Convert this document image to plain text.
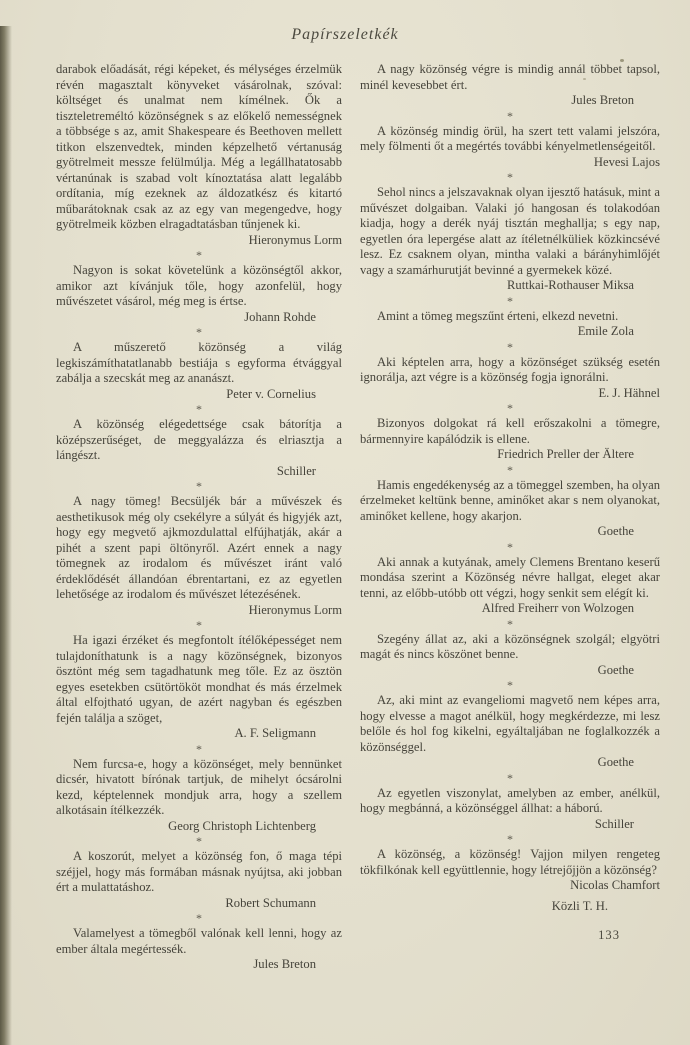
Papírszeletkék

darabok előadását, régi képeket, és mélységes érzelmük révén magasztalt könyveket vásárolnak, szóval: költséget és unalmat nem kímélnek. Ők a tiszteletreméltó közönségnek s az előkelő nemességnek a többsége s az, amit Shakespeare és Beethoven mellett titkon elszenvedtek, minden képzelhető vértanuság gyötrelmeit messze felülmúlja. Még a legállhatatosabb vértanúnak is szabad volt kínoztatása alatt legalább ordítania, míg ezeknek az áldozatkész és kitartó műbarátoknak csak az az egy van megengedve, hogy gyötrelmeik közben elragadtatásban tűnjenek ki.
Hieronymus Lorm

*

Nagyon is sokat követelünk a közönségtől akkor, amikor azt kívánjuk tőle, hogy azonfelül, hogy művészetet vásárol, még meg is értse.
Johann Rohde

*

A műszerető közönség a világ legkiszámíthatatlanabb bestiája s egyforma étvággyal zabálja a szecskát meg az ananászt.
Peter v. Cornelius

*

A közönség elégedettsége csak bátorítja a középszerűséget, de meggyalázza és elriasztja a lángészt.
Schiller

*

A nagy tömeg! Becsüljék bár a művészek és aesthetikusok még oly csekélyre a súlyát és higyjék azt, hogy egy megvető ajkmozdulattal elfújhatják, akár a pihét a szent papi öltönyről. Azért ennek a nagy tömegnek az irodalom és művészet iránt való érdeklődését állandóan ébrentartani, ez az egyetlen lehetősége az irodalom és művészet létezésének.
Hieronymus Lorm

*

Ha igazi érzéket és megfontolt ítélőképességet nem tulajdoníthatunk is a nagy közönségnek, bizonyos ösztönt még sem tagadhatunk meg tőle. Ez az ösztön egyes esetekben csütörtököt mondhat és más érzelmek által elfojtható ugyan, de azért nagyban és egészben fején találja a szöget,
A. F. Seligmann

*

Nem furcsa-e, hogy a közönséget, mely bennünket dicsér, hivatott bírónak tartjuk, de mihelyt ócsárolni kezd, képtelennek mondjuk arra, hogy a szellem alkotásain ítélkezzék.
Georg Christoph Lichtenberg

*

A koszorút, melyet a közönség fon, ő maga tépi széjjel, hogy más formában másnak nyújtsa, aki jobban ért a mulattatáshoz.
Robert Schumann

*

Valamelyest a tömegből valónak kell lenni, hogy az ember általa megértessék.
Jules Breton

A nagy közönség végre is mindig annál többet tapsol, minél kevesebbet ért.
Jules Breton

*

A közönség mindig örül, ha szert tett valami jelszóra, mely fölmenti őt a megértés további kényelmetlenségeitől.
Hevesi Lajos

*

Sehol nincs a jelszavaknak olyan ijesztő hatásuk, mint a művészet dolgaiban. Valaki jó hangosan és tolakodóan kiadja, hogy a derék nyáj tisztán meghallja; s egy nap, egyetlen óra lepergése alatt az ítéletnélküliek közkincsévé lesz. Ez csaknem olyan, mintha valaki a bárányhimlőjét vagy a szamárhurutját bevinné a gyermekek közé.
Ruttkai-Rothauser Miksa

*

Amint a tömeg megszűnt érteni, elkezd nevetni.
Emile Zola

*

Aki képtelen arra, hogy a közönséget szükség esetén ignorálja, azt végre is a közönség fogja ignorálni.
E. J. Hähnel

*

Bizonyos dolgokat rá kell erőszakolni a tömegre, bármennyire kapálódzik is ellene.
Friedrich Preller der Ältere

*

Hamis engedékenység az a tömeggel szemben, ha olyan érzelmeket keltünk benne, aminőket akar s nem olyanokat, aminőket kellene, hogy akarjon.
Goethe

*

Aki annak a kutyának, amely Clemens Brentano keserű mondása szerint a Közönség névre hallgat, eleget akar tenni, az előbb-utóbb ott végzi, hogy senkit sem elégít ki.
Alfred Freiherr von Wolzogen

*

Szegény állat az, aki a közönségnek szolgál; elgyötri magát és nincs köszönet benne.
Goethe

*

Az, aki mint az evangeliomi magvető nem képes arra, hogy elvesse a magot anélkül, hogy megkérdezze, mi lesz belőle és hol fog kikelni, egyáltaljában ne foglalkozzék a közönséggel.
Goethe

*

Az egyetlen viszonylat, amelyben az ember, anélkül, hogy megbánná, a közönséggel állhat: a háború.
Schiller

*

A közönség, a közönség! Vajjon milyen rengeteg tökfilkónak kell együttlennie, hogy létrejőjjön a közönség?
Nicolas Chamfort

Közli T. H.
133
